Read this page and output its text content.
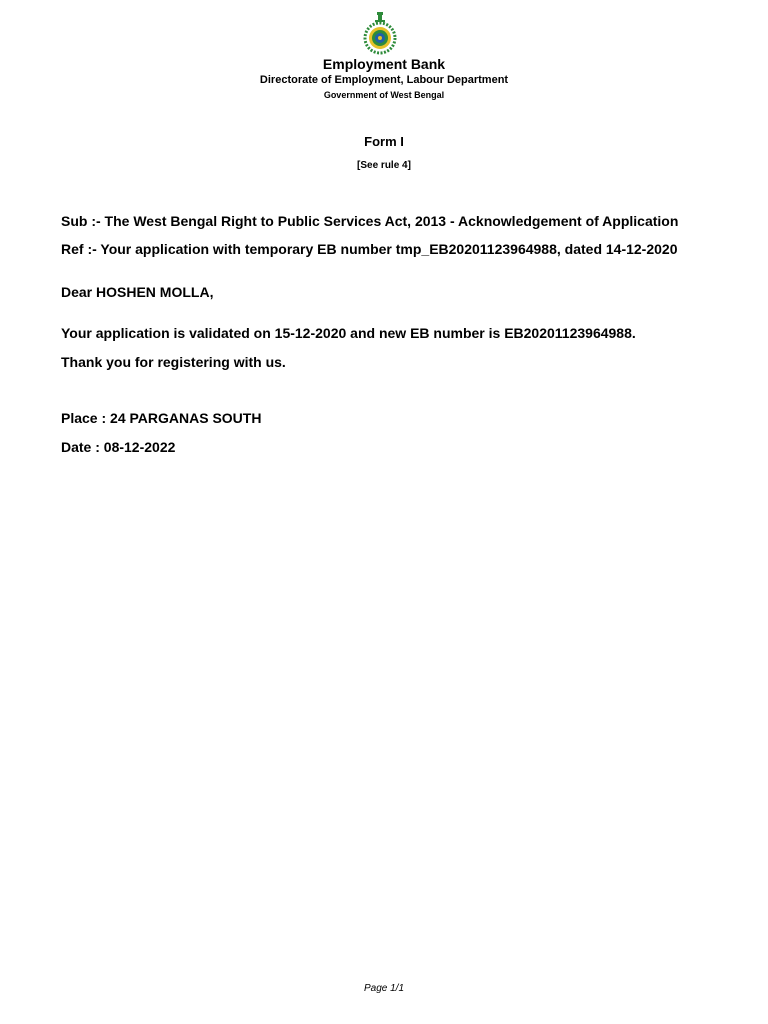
Employment Bank
Directorate of Employment, Labour Department
Government of West Bengal
Form I
[See rule 4]
Sub :- The West Bengal Right to Public Services Act, 2013 - Acknowledgement of Application
Ref :- Your application with temporary EB number tmp_EB20201123964988, dated 14-12-2020
Dear HOSHEN MOLLA,
Your application is validated on 15-12-2020 and new EB number is EB20201123964988.
Thank you for registering with us.
Place : 24 PARGANAS SOUTH
Date : 08-12-2022
Page 1/1
